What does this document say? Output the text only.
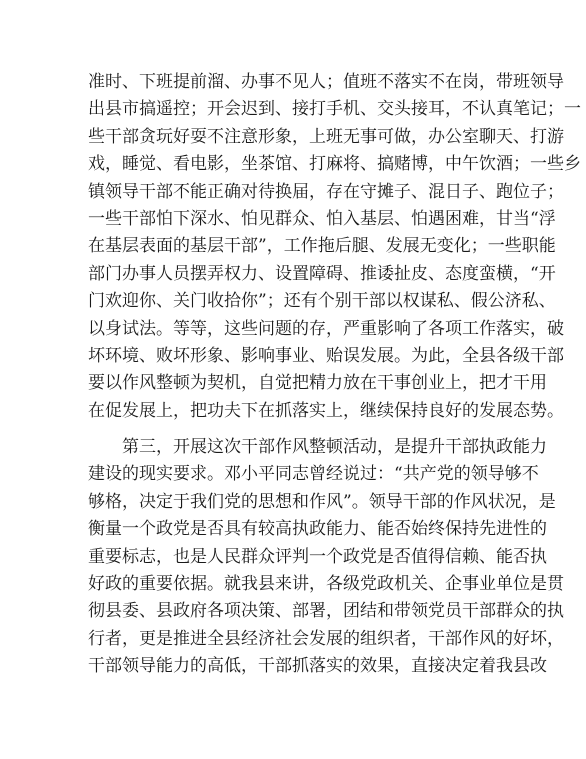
准时、下班提前溜、办事不见人；值班不落实不在岗，带班领导
出县市搞遥控；开会迟到、接打手机、交头接耳，不认真笔记；一
些干部贪玩好耍不注意形象，上班无事可做，办公室聊天、打游
戏，睡觉、看电影，坐茶馆、打麻将、搞赌博，中午饮酒；一些乡
镇领导干部不能正确对待换届，存在守摊子、混日子、跑位子；
一些干部怕下深水、怕见群众、怕入基层、怕遇困难，甘当“浮
在基层表面的基层干部”，工作拖后腿、发展无变化；一些职能
部门办事人员摆弄权力、设置障碍、推诿扯皮、态度蛮横，“开
门欢迎你、关门收拾你”；还有个别干部以权谋私、假公济私、
以身试法。等等，这些问题的存，严重影响了各项工作落实，破
坏环境、败坏形象、影响事业、贻误发展。为此，全县各级干部
要以作风整顿为契机，自觉把精力放在干事创业上，把才干用
在促发展上，把功夫下在抓落实上，继续保持良好的发展态势。
　　第三，开展这次干部作风整顿活动，是提升干部执政能力
建设的现实要求。邓小平同志曾经说过：“共产党的领导够不
够格，决定于我们党的思想和作风”。领导干部的作风状况，是
衡量一个政党是否具有较高执政能力、能否始终保持先进性的
重要标志，也是人民群众评判一个政党是否值得信赖、能否执
好政的重要依据。就我县来讲，各级党政机关、企事业单位是贯
彻县委、县政府各项决策、部署，团结和带领党员干部群众的执
行者，更是推进全县经济社会发展的组织者，干部作风的好坏，
干部领导能力的高低，干部抓落实的效果，直接决定着我县改
